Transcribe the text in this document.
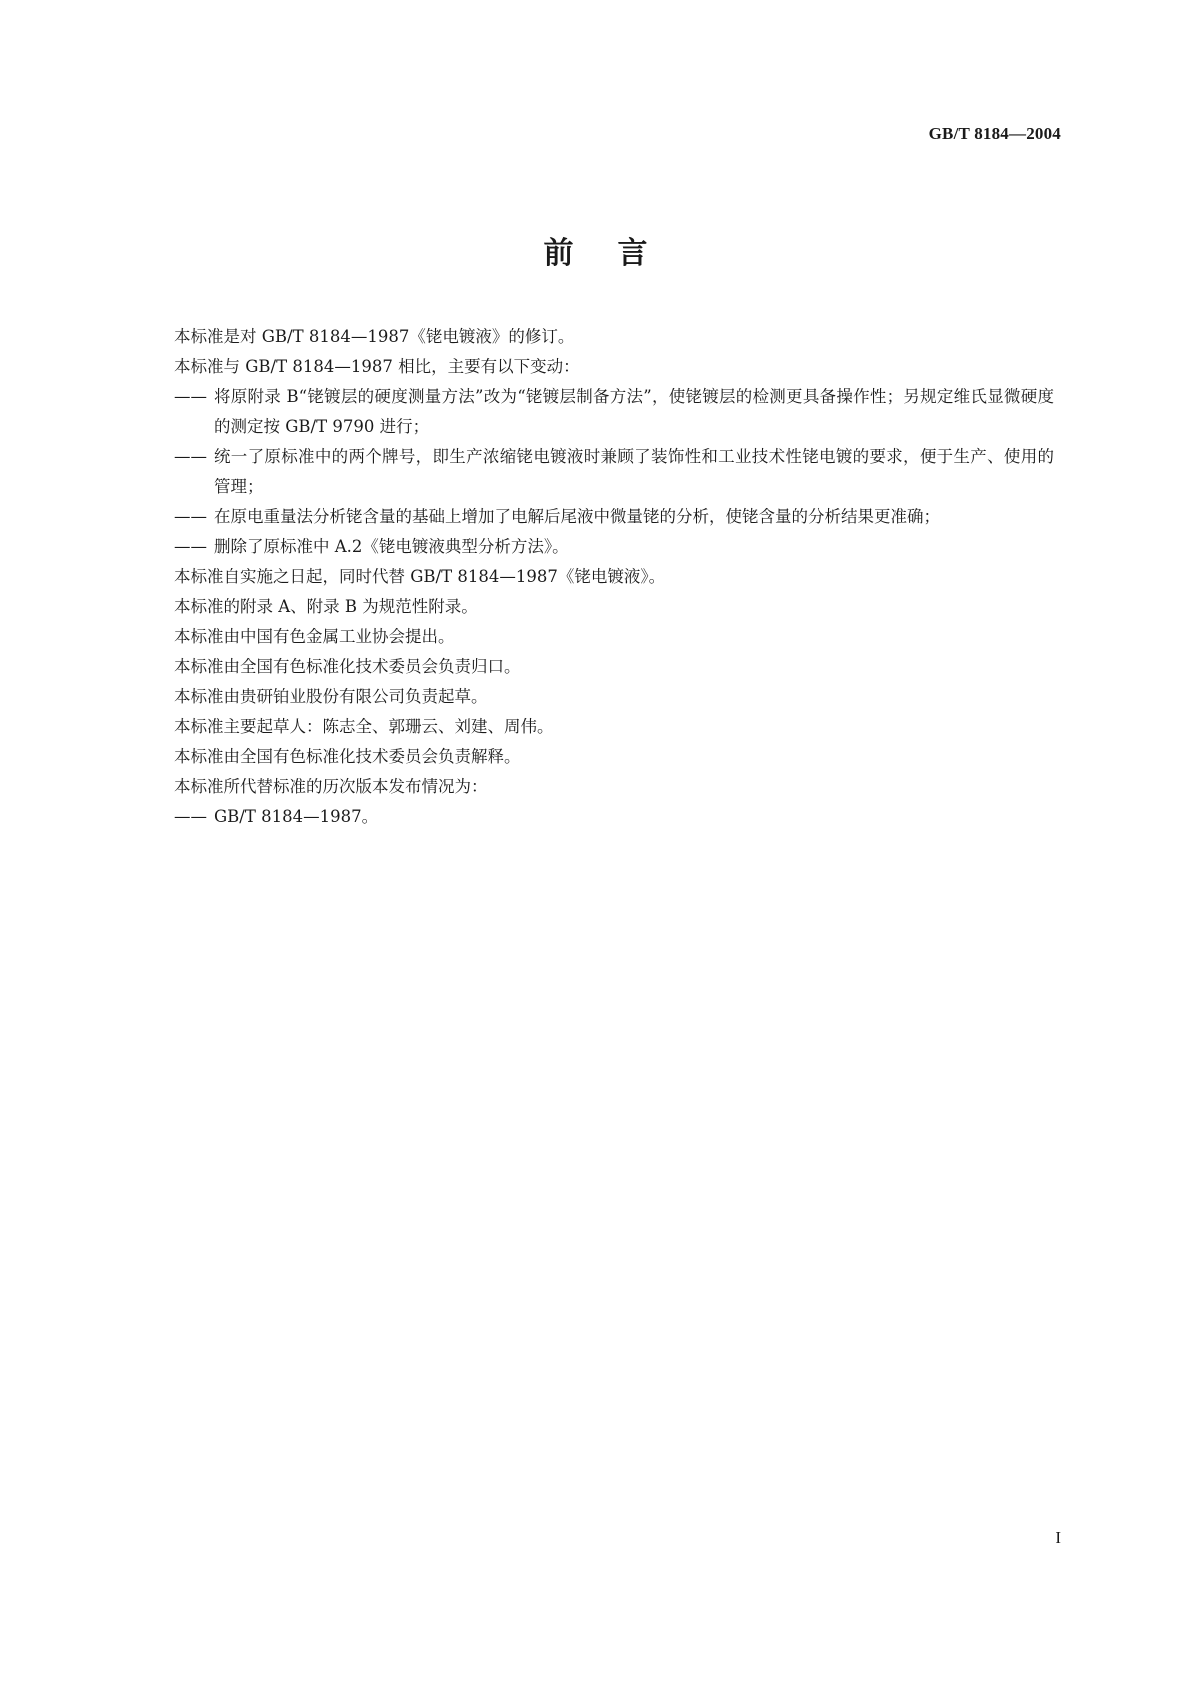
GB/T 8184—2004
前言

本标准是对 GB/T 8184—1987《铑电镀液》的修订。

本标准与 GB/T 8184—1987 相比，主要有以下变动：

—— 将原附录 B“铑镀层的硬度测量方法”改为“铑镀层制备方法”，使铑镀层的检测更具备操作性；另规定维氏显微硬度的测定按 GB/T 9790 进行；
—— 统一了原标准中的两个牌号，即生产浓缩铑电镀液时兼顾了装饰性和工业技术性铑电镀的要求，便于生产、使用的管理；
—— 在原电重量法分析铑含量的基础上增加了电解后尾液中微量铑的分析，使铑含量的分析结果更准确；
—— 删除了原标准中 A.2《铑电镀液典型分析方法》。

本标准自实施之日起，同时代替 GB/T 8184—1987《铑电镀液》。

本标准的附录 A、附录 B 为规范性附录。

本标准由中国有色金属工业协会提出。

本标准由全国有色标准化技术委员会负责归口。

本标准由贵研铂业股份有限公司负责起草。

本标准主要起草人：陈志全、郭珊云、刘建、周伟。

本标准由全国有色标准化技术委员会负责解释。

本标准所代替标准的历次版本发布情况为：

—— GB/T 8184—1987。
I
